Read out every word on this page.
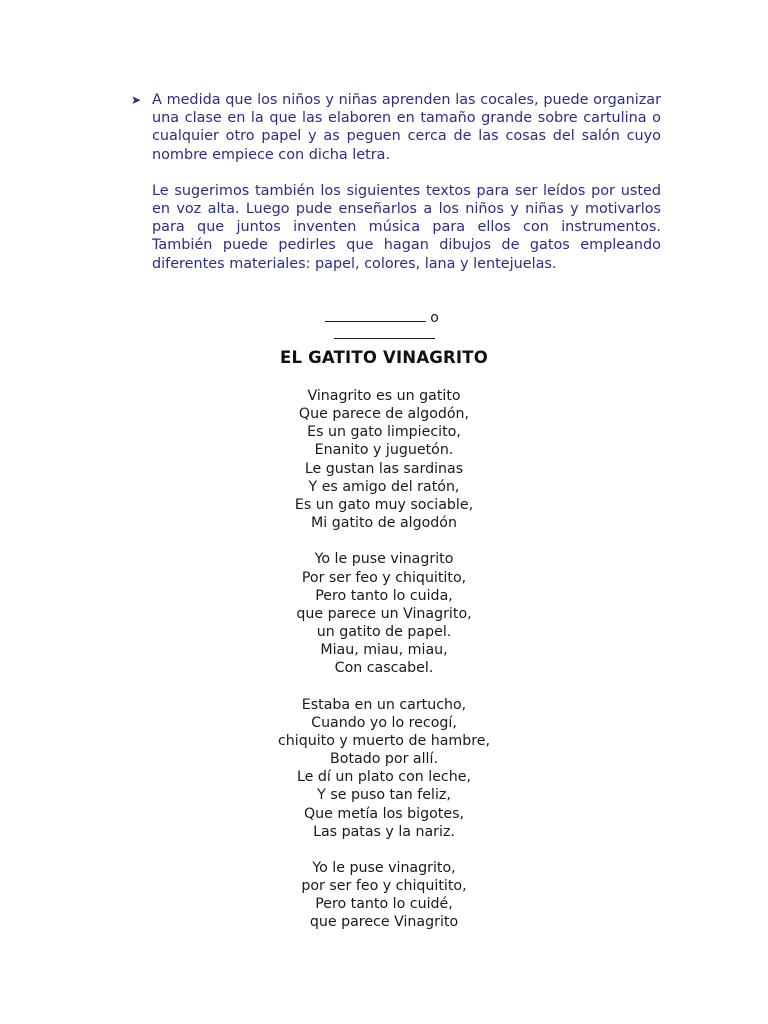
➤ A medida que los niños y niñas aprenden las cocales, puede organizar una clase en la que las elaboren en tamaño grande sobre cartulina o cualquier otro papel y as peguen cerca de las cosas del salón cuyo nombre empiece con dicha letra.
Le sugerimos también los siguientes textos para ser leídos por usted en voz alta. Luego pude enseñarlos a los niños y niñas y motivarlos para que juntos inventen música para ellos con instrumentos. También puede pedirles que hagan dibujos de gatos empleando diferentes materiales: papel, colores, lana y lentejuelas.
o
EL GATITO VINAGRITO
Vinagrito es un gatito
Que parece de algodón,
Es un gato limpiecito,
Enanito y juguetón.
Le gustan las sardinas
Y es amigo del ratón,
Es un gato muy sociable,
Mi gatito de algodón
Yo le puse vinagrito
Por ser feo y chiquitito,
Pero tanto lo cuida,
que parece un Vinagrito,
un gatito de papel.
Miau, miau, miau,
Con cascabel.
Estaba en un cartucho,
Cuando yo lo recogí,
chiquito y muerto de hambre,
Botado por allí.
Le dí un plato con leche,
Y se puso tan feliz,
Que metía los bigotes,
Las patas y la nariz.
Yo le puse vinagrito,
por ser feo y chiquitito,
Pero tanto lo cuidé,
que parece Vinagrito
